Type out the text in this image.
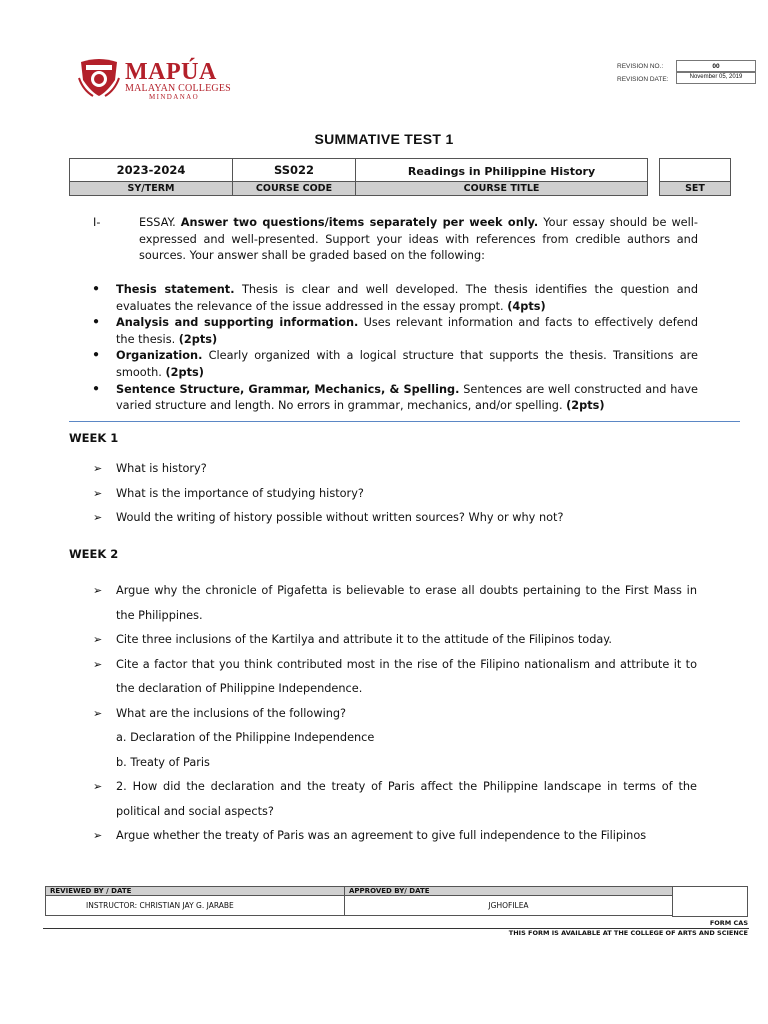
MAPÚA
MALAYAN COLLEGES
MINDANAO
REVISION NO.:	00
REVISION DATE:	November 05, 2019
SUMMATIVE TEST 1
2023-2024	SS022	Readings in Philippine History
SY/TERM	COURSE CODE	COURSE TITLE	SET
I-	ESSAY. Answer two questions/items separately per week only. Your essay should be well-expressed and well-presented. Support your ideas with references from credible authors and sources. Your answer shall be graded based on the following:
● Thesis statement. Thesis is clear and well developed. The thesis identifies the question and evaluates the relevance of the issue addressed in the essay prompt. (4pts)
● Analysis and supporting information. Uses relevant information and facts to effectively defend the thesis. (2pts)
● Organization. Clearly organized with a logical structure that supports the thesis. Transitions are smooth. (2pts)
● Sentence Structure, Grammar, Mechanics, & Spelling. Sentences are well constructed and have varied structure and length. No errors in grammar, mechanics, and/or spelling. (2pts)
WEEK 1
➢ What is history?
➢ What is the importance of studying history?
➢ Would the writing of history possible without written sources? Why or why not?
WEEK 2
➢ Argue why the chronicle of Pigafetta is believable to erase all doubts pertaining to the First Mass in
the Philippines.
➢ Cite three inclusions of the Kartilya and attribute it to the attitude of the Filipinos today.
➢ Cite a factor that you think contributed most in the rise of the Filipino nationalism and attribute it to
the declaration of Philippine Independence.
➢ What are the inclusions of the following?
a. Declaration of the Philippine Independence
b. Treaty of Paris
➢ 2. How did the declaration and the treaty of Paris affect the Philippine landscape in terms of the
political and social aspects?
➢ Argue whether the treaty of Paris was an agreement to give full independence to the Filipinos
REVIEWED BY / DATE	APPROVED BY/ DATE
INSTRUCTOR: CHRISTIAN JAY G. JARABE	JGHOFILEA
FORM CAS
THIS FORM IS AVAILABLE AT THE COLLEGE OF ARTS AND SCIENCE
